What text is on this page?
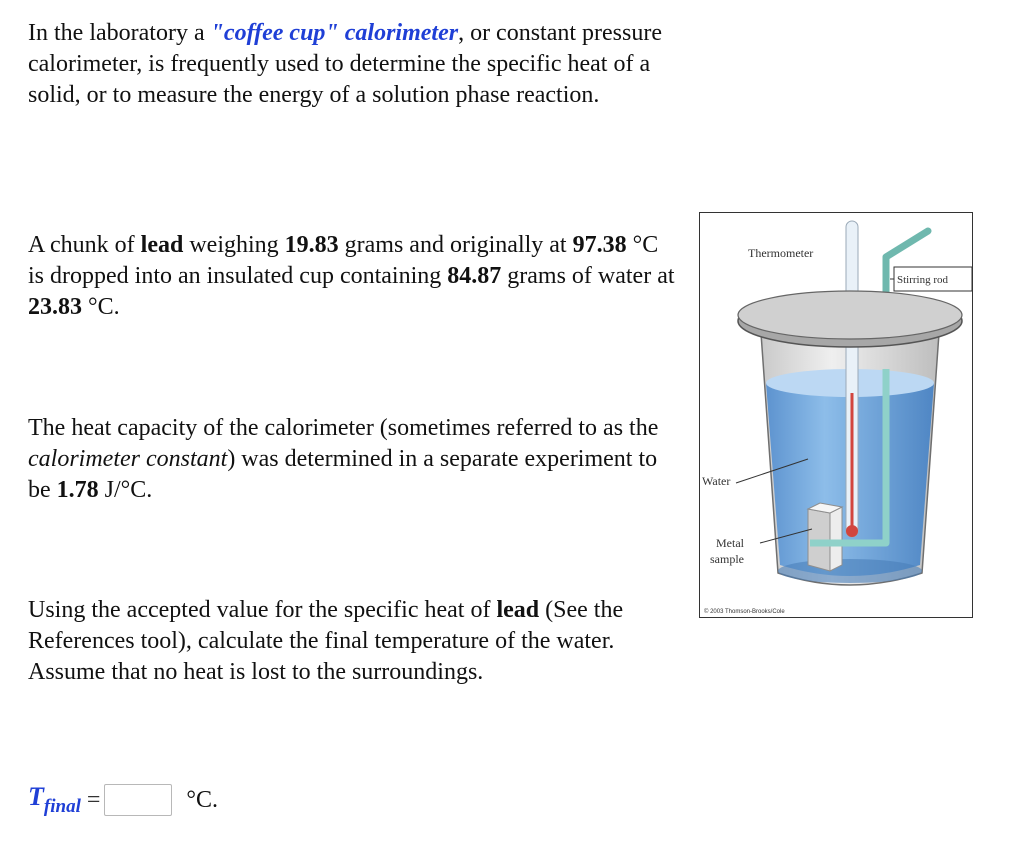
In the laboratory a "coffee cup" calorimeter, or constant pressure calorimeter, is frequently used to determine the specific heat of a solid, or to measure the energy of a solution phase reaction.

A chunk of lead weighing 19.83 grams and originally at 97.38 °C is dropped into an insulated cup containing 84.87 grams of water at 23.83 °C.

The heat capacity of the calorimeter (sometimes referred to as the calorimeter constant) was determined in a separate experiment to be 1.78 J/°C.

Using the accepted value for the specific heat of lead (See the References tool), calculate the final temperature of the water. Assume that no heat is lost to the surroundings.

$T_{final}$ =	°C.
Thermometer
Stirring rod
Water
Metal
sample
© 2003 Thomson-Brooks/Cole
